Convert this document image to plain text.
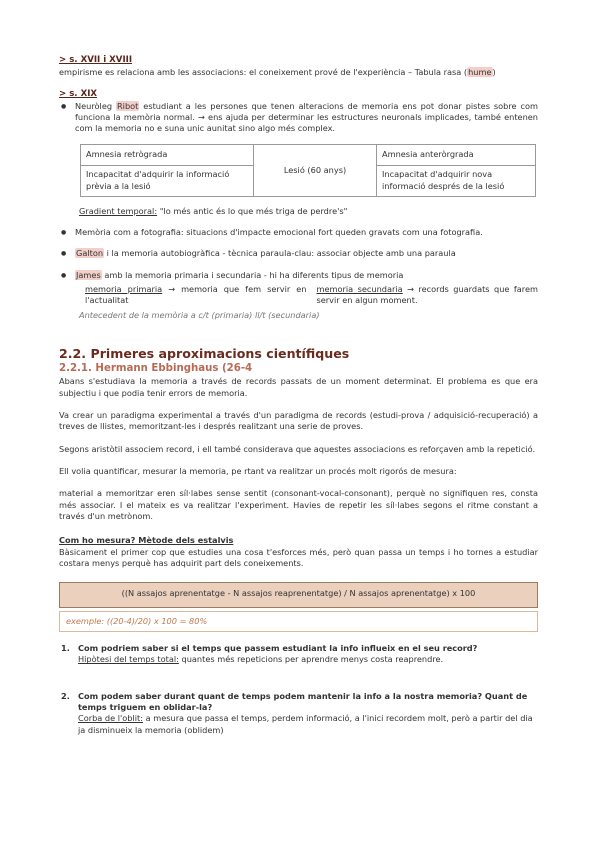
> s. XVII i XVIII
empirisme es relaciona amb les associacions: el coneixement prové de l'experiència – Tabula rasa (hume)
> s. XIX
● Neuròleg Ribot estudiant a les persones que tenen alteracions de memoria ens pot donar pistes sobre com funciona la memòria normal. → ens ajuda per determinar les estructures neuronals implicades, també entenen com la memoria no e suna unic aunitat sino algo més complex.
Amnesia retrògrada	Lesió (60 anys)	Amnesia anteròrgrada
Incapacitat d'adquirir la informació prèvia a la lesió		Incapacitat d'adquirir nova informació després de la lesió
Gradient temporal: "lo més antic és lo que més triga de perdre's"
● Memòria com a fotografia: situacions d'impacte emocional fort queden gravats com una fotografia.
● Galton i la memoria autobiogràfica - tècnica paraula-clau: associar objecte amb una paraula
● James amb la memoria primaria i secundaria - hi ha diferents tipus de memoria
memoria primaria → memoria que fem servir en l'actualitat
memoria secundaria → records guardats que farem servir en algun moment.
Antecedent de la memòria a c/t (primaria) ll/t (secundaria)
2.2. Primeres aproximacions científiques
2.2.1. Hermann Ebbinghaus (26-4

Abans s'estudiava la memoria a través de records passats de un moment determinat. El problema es que era subjectiu i que podia tenir errors de memoria.

Va crear un paradigma experimental a través d'un paradigma de records (estudi-prova / adquisició-recuperació) a treves de llistes, memoritzant-les i després realitzant una serie de proves.

Segons aristòtil associem record, i ell també considerava que aquestes associacions es reforçaven amb la repetició.

Ell volia quantificar, mesurar la memoria, pe rtant va realitzar un procés molt rigorós de mesura:

material a memoritzar eren síl·labes sense sentit (consonant-vocal-consonant), perquè no signifiquen res, consta més associar. I el mateix es va realitzar l'experiment. Havies de repetir les síl·labes segons el ritme constant a través d'un metrònom.

Com ho mesura? Mètode dels estalvis

Bàsicament el primer cop que estudies una cosa t'esforces més, però quan passa un temps i ho tornes a estudiar costara menys perquè has adquirit part dels coneixements.

((N assajos aprenentatge - N assajos reaprenentatge) / N assajos aprenentatge) x 100
exemple: ((20-4)/20) x 100 = 80%
1. Com podriem saber si el temps que passem estudiant la info influeix en el seu record?
Hipòtesi del temps total: quantes més repeticions per aprendre menys costa reaprendre.
2. Com podem saber durant quant de temps podem mantenir la info a la nostra memoria? Quant de temps triguem en oblidar-la?
Corba de l'oblit: a mesura que passa el temps, perdem informació, a l'inici recordem molt, però a partir del dia ja disminueix la memoria (oblidem)
